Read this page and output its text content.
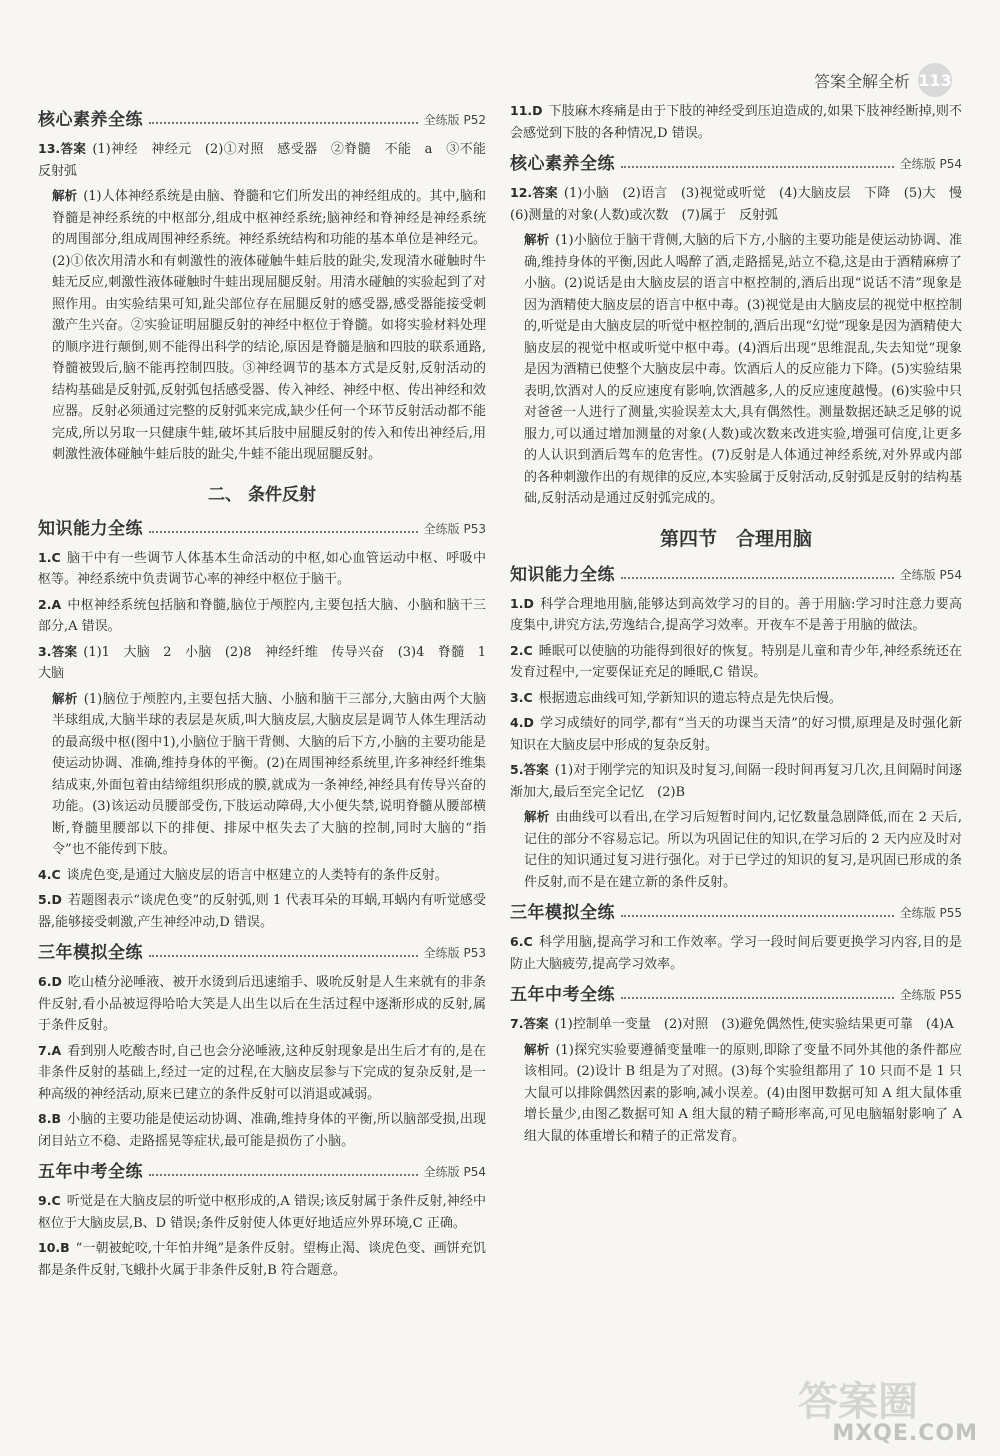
答案全解全析 113
核心素养全练	全练版 P52
13.答案 (1)神经　神经元　(2)①对照　感受器　②脊髓　不能　a　③不能　反射弧
解析 (1)人体神经系统是由脑、脊髓和它们所发出的神经组成的。其中,脑和脊髓是神经系统的中枢部分,组成中枢神经系统;脑神经和脊神经是神经系统的周围部分,组成周围神经系统。神经系统结构和功能的基本单位是神经元。(2)①依次用清水和有刺激性的液体碰触牛蛙后肢的趾尖,发现清水碰触时牛蛙无反应,刺激性液体碰触时牛蛙出现屈腿反射。用清水碰触的实验起到了对照作用。由实验结果可知,趾尖部位存在屈腿反射的感受器,感受器能接受刺激产生兴奋。②实验证明屈腿反射的神经中枢位于脊髓。如将实验材料处理的顺序进行颠倒,则不能得出科学的结论,原因是脊髓是脑和四肢的联系通路,脊髓被毁后,脑不能再控制四肢。③神经调节的基本方式是反射,反射活动的结构基础是反射弧,反射弧包括感受器、传入神经、神经中枢、传出神经和效应器。反射必须通过完整的反射弧来完成,缺少任何一个环节反射活动都不能完成,所以另取一只健康牛蛙,破坏其后肢中屈腿反射的传入和传出神经后,用刺激性液体碰触牛蛙后肢的趾尖,牛蛙不能出现屈腿反射。
二、 条件反射
知识能力全练	全练版 P53
1.C 脑干中有一些调节人体基本生命活动的中枢,如心血管运动中枢、呼吸中枢等。神经系统中负责调节心率的神经中枢位于脑干。
2.A 中枢神经系统包括脑和脊髓,脑位于颅腔内,主要包括大脑、小脑和脑干三部分,A 错误。
3.答案 (1)1　大脑　2　小脑　(2)8　神经纤维　传导兴奋　(3)4　脊髓　1　大脑
解析 (1)脑位于颅腔内,主要包括大脑、小脑和脑干三部分,大脑由两个大脑半球组成,大脑半球的表层是灰质,叫大脑皮层,大脑皮层是调节人体生理活动的最高级中枢(图中1),小脑位于脑干背侧、大脑的后下方,小脑的主要功能是使运动协调、准确,维持身体的平衡。(2)在周围神经系统里,许多神经纤维集结成束,外面包着由结缔组织形成的膜,就成为一条神经,神经具有传导兴奋的功能。(3)该运动员腰部受伤,下肢运动障碍,大小便失禁,说明脊髓从腰部横断,脊髓里腰部以下的排便、排尿中枢失去了大脑的控制,同时大脑的“指令”也不能传到下肢。
4.C 谈虎色变,是通过大脑皮层的语言中枢建立的人类特有的条件反射。
5.D 若题图表示“谈虎色变”的反射弧,则 1 代表耳朵的耳蜗,耳蜗内有听觉感受器,能够接受刺激,产生神经冲动,D 错误。
三年模拟全练	全练版 P53
6.D 吃山楂分泌唾液、被开水烫到后迅速缩手、吸吮反射是人生来就有的非条件反射,看小品被逗得哈哈大笑是人出生以后在生活过程中逐渐形成的反射,属于条件反射。
7.A 看到别人吃酸杏时,自己也会分泌唾液,这种反射现象是出生后才有的,是在非条件反射的基础上,经过一定的过程,在大脑皮层参与下完成的复杂反射,是一种高级的神经活动,原来已建立的条件反射可以消退或减弱。
8.B 小脑的主要功能是使运动协调、准确,维持身体的平衡,所以脑部受损,出现闭目站立不稳、走路摇晃等症状,最可能是损伤了小脑。
五年中考全练	全练版 P54
9.C 听觉是在大脑皮层的听觉中枢形成的,A 错误;该反射属于条件反射,神经中枢位于大脑皮层,B、D 错误;条件反射使人体更好地适应外界环境,C 正确。
10.B “一朝被蛇咬,十年怕井绳”是条件反射。望梅止渴、谈虎色变、画饼充饥都是条件反射,飞蛾扑火属于非条件反射,B 符合题意。
11.D 下肢麻木疼痛是由于下肢的神经受到压迫造成的,如果下肢神经断掉,则不会感觉到下肢的各种情况,D 错误。
核心素养全练	全练版 P54
12.答案 (1)小脑　(2)语言　(3)视觉或听觉　(4)大脑皮层　下降　(5)大　慢　(6)测量的对象(人数)或次数　(7)属于　反射弧
解析 (1)小脑位于脑干背侧,大脑的后下方,小脑的主要功能是使运动协调、准确,维持身体的平衡,因此人喝醉了酒,走路摇晃,站立不稳,这是由于酒精麻痹了小脑。(2)说话是由大脑皮层的语言中枢控制的,酒后出现“说话不清”现象是因为酒精使大脑皮层的语言中枢中毒。(3)视觉是由大脑皮层的视觉中枢控制的,听觉是由大脑皮层的听觉中枢控制的,酒后出现“幻觉”现象是因为酒精使大脑皮层的视觉中枢或听觉中枢中毒。(4)酒后出现“思维混乱,失去知觉”现象是因为酒精已使整个大脑皮层中毒。饮酒后人的反应能力下降。(5)实验结果表明,饮酒对人的反应速度有影响,饮酒越多,人的反应速度越慢。(6)实验中只对爸爸一人进行了测量,实验误差太大,具有偶然性。测量数据还缺乏足够的说服力,可以通过增加测量的对象(人数)或次数来改进实验,增强可信度,让更多的人认识到酒后驾车的危害性。(7)反射是人体通过神经系统,对外界或内部的各种刺激作出的有规律的反应,本实验属于反射活动,反射弧是反射的结构基础,反射活动是通过反射弧完成的。
第四节　合理用脑
知识能力全练	全练版 P54
1.D 科学合理地用脑,能够达到高效学习的目的。善于用脑:学习时注意力要高度集中,讲究方法,劳逸结合,提高学习效率。开夜车不是善于用脑的做法。
2.C 睡眠可以使脑的功能得到很好的恢复。特别是儿童和青少年,神经系统还在发育过程中,一定要保证充足的睡眠,C 错误。
3.C 根据遗忘曲线可知,学新知识的遗忘特点是先快后慢。
4.D 学习成绩好的同学,都有“当天的功课当天清”的好习惯,原理是及时强化新知识在大脑皮层中形成的复杂反射。
5.答案 (1)对于刚学完的知识及时复习,间隔一段时间再复习几次,且间隔时间逐渐加大,最后至完全记忆　(2)B
解析 由曲线可以看出,在学习后短暂时间内,记忆数量急剧降低,而在 2 天后,记住的部分不容易忘记。所以为巩固记住的知识,在学习后的 2 天内应及时对记住的知识通过复习进行强化。对于已学过的知识的复习,是巩固已形成的条件反射,而不是在建立新的条件反射。
三年模拟全练	全练版 P55
6.C 科学用脑,提高学习和工作效率。学习一段时间后要更换学习内容,目的是防止大脑疲劳,提高学习效率。
五年中考全练	全练版 P55
7.答案 (1)控制单一变量　(2)对照　(3)避免偶然性,使实验结果更可靠　(4)A
解析 (1)探究实验要遵循变量唯一的原则,即除了变量不同外其他的条件都应该相同。(2)设计 B 组是为了对照。(3)每个实验组都用了 10 只而不是 1 只大鼠可以排除偶然因素的影响,减小误差。(4)由图甲数据可知 A 组大鼠体重增长量少,由图乙数据可知 A 组大鼠的精子畸形率高,可见电脑辐射影响了 A 组大鼠的体重增长和精子的正常发育。
答案圈
MXQE.COM
